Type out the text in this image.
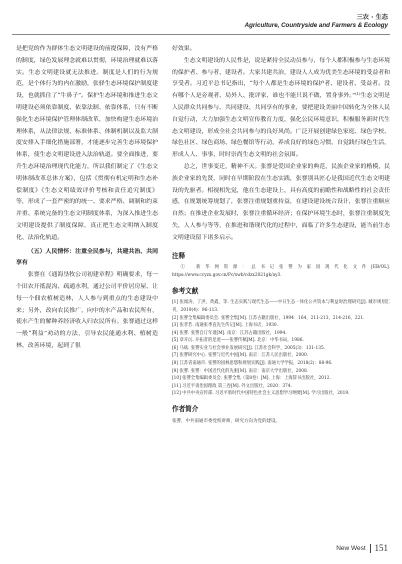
三农 · 生态
Agriculture, Countryside and Farmers & Ecology

是把党的作为群体生态文明建设的前提保障，没有严格的制度，绿色发展理念就难以贯彻，环境治理就难以落实。生态文明建设就无法推进。制度是人们的行为规范，是个体行为的内在激励，张驿生态环境保护制度建设，也就抓住了“牛鼻子”。保护生态环境和推进生态文明建设必须依靠制度、依靠法制、依靠体系，只有不断强化生态环境保护管理体制改革，加快构建生态环境治理体系，从法律法规、标准体系、体制机制以及监大制度安排入手细化措施部署，才能逐步完善生态环境保护体系，使生态文明建设进入法治轨道。要全面推进，要升生态环境治理现代化能力，所以我们制定了《生态文明体制改革总体方案》，包括《贯彻有机定明和生态补偿制度》《生态文明绩效评价考核和责任追究制度》等，形成了一套严密的的统一、要求严格、调制和约束并重、系统完备的生态文明制度体系，为深入推进生态文明建设提供了制度保障，真正把生态文明纳入制度化、法治化轨道。

（五）人民情怀：注重全民参与，共建共治、共同享有

张謇在《通海垦牧公司初建章程》明确要求，每一个田农开抵混沟、疏通水利，通过公司平价居房屋、让每一个佃农植树造林，人人参与到重点的生态建设中来；另外，改向农民推广，向中的水产品和农民所有，使水产生的解种养经济收入归农民所有。张謇通过这样一般“利益”劝动的方法，引导农民能通水利、植树造林、改善环境，起到了很

好效果。

生态文明建设的人民性是，说是紧持全民动员参与，每个人都积极参与生态环境的保护者、参与者、建设者。大家共建共治，建设人人成为优美生态环境的受益者和享受者。习近平总书记指出，“每个人都是生态环境的保护者、建设者、受益者。没有哪个人是旁观者、局外人、批评家，谁也不能只说不做，置身事外。”⁽¹⁾生态文明是人民群众共同参与、共同建设、共同享有的事业，要把建设美丽中国转化为全体人民自觉行动，大力加强生态文明宣传教育力度，强化公民环境意识，积极服务新时代生态文明建设，形成全社会共同参与的良好风尚。广泛开展创建绿色家庭、绿色学校、绿色社区、绿色商场、绿色餐馆等行动，养成良好的绿色习惯，自觉践行绿色生活，形成人人、事事、时时崇尚生态文明的社会氛围。

总之，世事变迁，精神不灭。张謇是爱国企业家的典范，民族企业家的楷模，民族企业家的先贤，同时在早期阶段在生态实践，张謇别具匠心是我国近代生态文明建设的先驱者。相视相先觉，他在生态建设上，具有高度的前瞻性和战略性的社会责任感，在规划统筹规划了，张謇注重规划重持益，在建设建设统合设计，张謇注重顺应自然；在推进企业发展时，张謇注重循环经济；在保护环境生态时，张謇注重制度先失，人人参与等等，在推进和谐现代化的过程中，面临了许多生态建设，能当前生态文明建设留下诸多启示。

注释

① 新华网资源：总书记张謇为家园现代化文件[EB/OL]. https://www.ccyzx.gov.cn/Pc/xwb/cdzx2021gk/ay3.

参考文献

[1] 张闻涛，丁洪，黄鑫，等. 生态实践与现代生态——中日生态一体化公共资本与利益时治理研究[J]. 城市规划汇刊，2019(4)：96-113.

[2] 张謇全集编辑委员会. 张謇全集[M]. 江苏古籍出版社，1994：164，211-213，214-216，221.

[3] 张孝若. 南通张季直先生传记[M]. 上海书店，1930.

[4] 张謇. 张謇自订年谱[M]. 南京：江苏古籍出版社，1994.

[5] 章开沅. 开拓者的足迹——张謇传稿[M]. 北京：中华书局，1986.

[6] 马斌. 张謇实业与社会事业发展研究[J]. 江苏社会科学，2005(3)：131-135.

[7] 张謇研究中心. 张謇与近代中国[M]. 南京：江苏人民出版社，2000.

[8] 江苏省南通市. 张謇的园林思想和规划实践[J]. 南通大学学报，2018(2)：88-96.

[9] 张謇. 张謇：中国近代化的先驱[M]. 南京：南京大学出版社，2008.

[10] 张謇全集编辑委员会. 张謇全集（第8卷）[M]. 上海：上海辞书出版社，2012.

[11] 习近平谈治国理政 第三卷[M]. 外文出版社，2020：374.

[12] 中共中央宣传部. 习近平新时代中国特色社会主义思想学习纲要[M]. 学习出版社，2019.

作者简介

张謇，中共南通市委党校讲师，研究方向为党的建设。

New West 151
